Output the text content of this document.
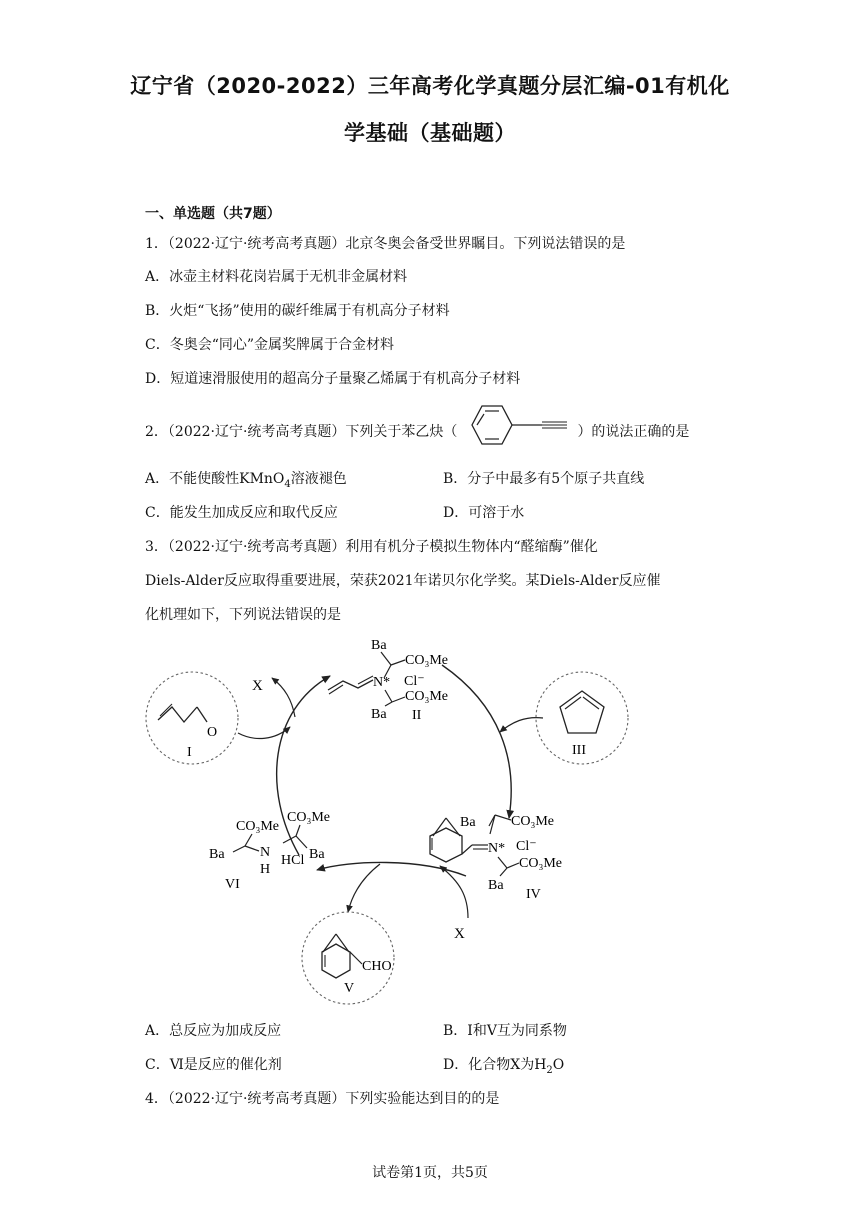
辽宁省（2020-2022）三年高考化学真题分层汇编-01有机化
学基础（基础题）
一、单选题（共7题）
1．（2022·辽宁·统考高考真题）北京冬奥会备受世界瞩目。下列说法错误的是
A．冰壶主材料花岗岩属于无机非金属材料
B．火炬“飞扬”使用的碳纤维属于有机高分子材料
C．冬奥会“同心”金属奖牌属于合金材料
D．短道速滑服使用的超高分子量聚乙烯属于有机高分子材料
2．（2022·辽宁·统考高考真题）下列关于苯乙炔（	）的说法正确的是
A．不能使酸性KMnO$_4$溶液褪色	B．分子中最多有5个原子共直线
C．能发生加成反应和取代反应	D．可溶于水
3．（2022·辽宁·统考高考真题）利用有机分子模拟生物体内“醛缩酶”催化
Diels-Alder反应取得重要进展，荣获2021年诺贝尔化学奖。某Diels-Alder反应催
化机理如下，下列说法错误的是
X
X
O
I	III
Ba
CO₃Me
N* Cl⁻
CO₃Me
Ba II
Ba	CO₃Me
N* Cl⁻
CO₃Me
Ba
IV
CO₃Me
CO₃Me
N
H
HCl
Ba	Ba
VI
CHO
V
A．总反应为加成反应	B．Ⅰ和Ⅴ互为同系物
C．Ⅵ是反应的催化剂	D．化合物X为$H_2O$
4．（2022·辽宁·统考高考真题）下列实验能达到目的的是
试卷第1页，共5页
